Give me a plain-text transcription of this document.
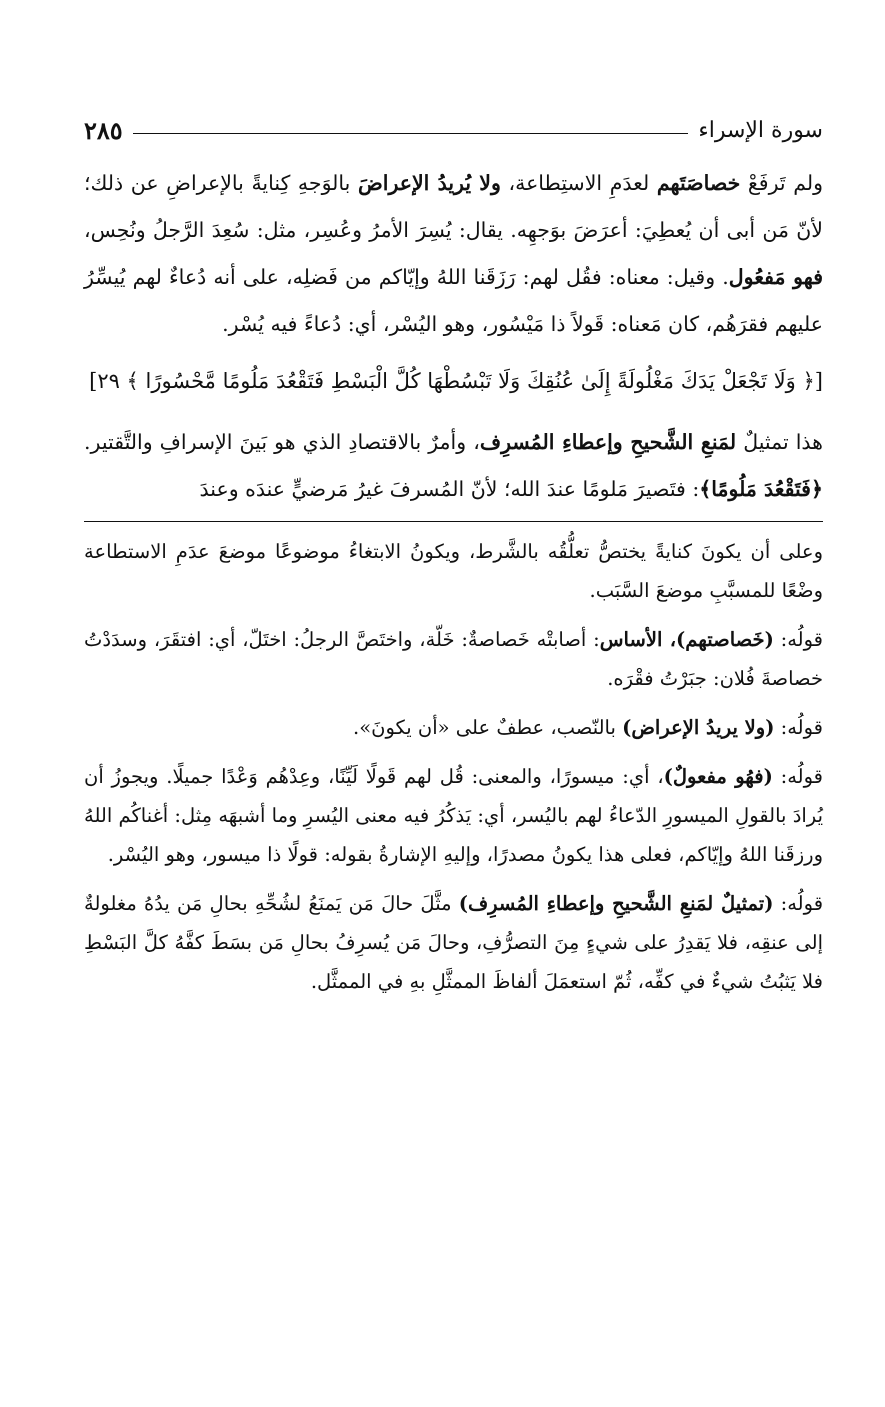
سورة الإسراء
٢٨٥

ولم تَرفَعْ خصاصَتَهم لعدَمِ الاستِطاعة، ولا يُريدُ الإعراضَ بالوَجهِ كِنايةً بالإعراضِ عن ذلك؛ لأنّ مَن أبى أن يُعطِيَ: أعرَضَ بوَجهِه. يقال: يُسِرَ الأمرُ وعُسِر، مثل: سُعِدَ الرَّجلُ ونُحِس، فهو مَفعُول. وقيل: معناه: فقُل لهم: رَزَقَنا اللهُ وإيّاكم من فَضلِه، على أنه دُعاءٌ لهم يُيسِّرُ عليهم فقرَهُم، كان مَعناه: قَولاً ذا مَيْسُور، وهو اليُسْر، أي: دُعاءً فيه يُسْر.

[﴿ وَلَا تَجْعَلْ يَدَكَ مَغْلُولَةً إِلَىٰ عُنُقِكَ وَلَا تَبْسُطْهَا كُلَّ الْبَسْطِ فَتَقْعُدَ مَلُومًا مَّحْسُورًا ﴾ ٢٩]
هذا تمثيلٌ لمَنعِ الشَّحيحِ وإعطاءِ المُسرِف، وأمرٌ بالاقتصادِ الذي هو بَينَ الإسرافِ والتَّقتير. ﴿فَتَقْعُدَ مَلُومًا﴾: فتَصيرَ مَلومًا عندَ الله؛ لأنّ المُسرفَ غيرُ مَرضيٍّ عندَه وعندَ

وعلى أن يكونَ كنايةً يختصُّ تعلُّقُه بالشَّرط، ويكونُ الابتغاءُ موضوعًا موضعَ عدَمِ الاستطاعة وضْعًا للمسبَّبِ موضعَ السَّبَب.

قولُه: (خَصاصتهم)، الأساس: أصابتْه خَصاصةٌ: خَلّة، واختَصَّ الرجلُ: اختَلّ، أي: افتقَرَ، وسدَدْتُ خصاصةَ فُلان: جبَرْتُ فقْرَه.

قولُه: (ولا يريدُ الإعراض) بالنّصب، عطفٌ على «أن يكونَ».

قولُه: (فهُو مفعولٌ)، أي: ميسورًا، والمعنى: قُل لهم قَولًا لَيِّنًا، وعِدْهُم وَعْدًا جميلًا. ويجوزُ أن يُرادَ بالقولِ الميسورِ الدّعاءُ لهم باليُسر، أي: يَذكُرُ فيه معنى اليُسرِ وما أشبهَه مِثل: أغناكُم اللهُ ورزقَنا اللهُ وإيّاكم، فعلى هذا يكونُ مصدرًا، وإليهِ الإشارةُ بقوله: قولًا ذا ميسور، وهو اليُسْر.

قولُه: (تمثيلٌ لمَنعِ الشَّحيحِ وإعطاءِ المُسرِف) مثَّلَ حالَ مَن يَمنَعُ لشُحِّهِ بحالِ مَن يدُهُ مغلولةٌ إلى عنقِه، فلا يَقدِرُ على شيءٍ مِنَ التصرُّفِ، وحالَ مَن يُسرِفُ بحالِ مَن بسَطَ كفَّهُ كلَّ البَسْطِ فلا يَثبُتُ شيءٌ في كفِّه، ثُمّ استعمَلَ ألفاظَ الممثَّلِ بهِ في الممثَّل.
